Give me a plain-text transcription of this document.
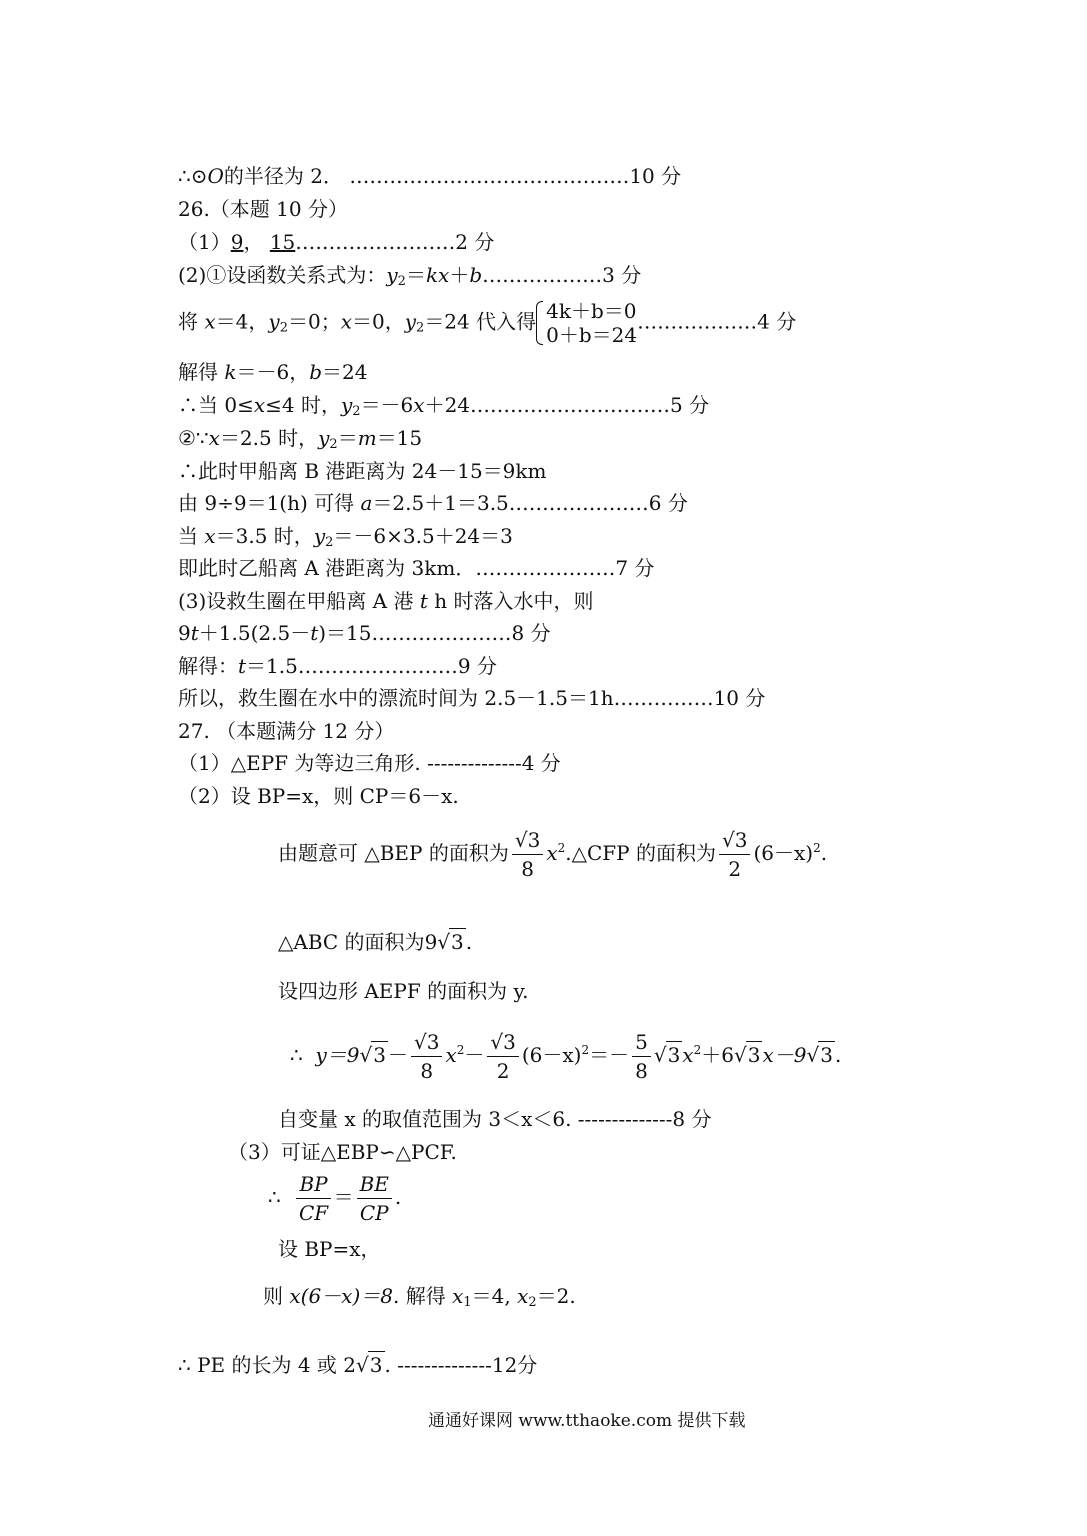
∴⊙O的半径为 2． ……………………………………10 分
26.（本题 10 分）
（1）9， 15……………………2 分
(2)①设函数关系式为：$y_2=kx+b\dots\dots\dots\dots\dots\dots 3$ 分
将 x＝4，$y_2=0$；x＝0，$y_2=24$ 代入得 4k＋b＝0
0＋b＝24
………………4 分
解得 k＝－6，b＝24
∴当 0≤x≤4 时，$y_2=-6x+24\dots\dots\dots\dots\dots\dots\dots\dots\dots\dots 5$ 分
②∵x＝2.5 时，$y_2=m=15$
∴此时甲船离 B 港距离为 24－15＝9km
由 9÷9＝1(h) 可得 a＝2.5＋1＝3.5…………………6 分
当 x＝3.5 时，$y_2=-6\times 3.5+24=3$
即此时乙船离 A 港距离为 3km．…………………7 分
(3)设救生圈在甲船离 A 港 t h 时落入水中，则
9t＋1.5(2.5－t)＝15…………………8 分
解得：t＝1.5……………………9 分
所以，救生圈在水中的漂流时间为 2.5－1.5＝1h……………10 分
27. （本题满分 12 分）
（1）△EPF 为等边三角形. --------------4 分
（2）设 BP=x，则 CP＝6－x.
由题意可 △BEP 的面积为 $\frac{√3}{8}$ $x^2.\triangle CFP$ 的面积为 $\frac{√3}{2} (6-x)^2$.
△ABC 的面积为9√3 .
设四边形 AEPF 的面积为 y.
∴ $y=9√3 - \frac{√3}{8} x^2- \frac{√3}{2} (6-x)^2=- \frac{5}{8} √3$ $x^2+6√3$ x－9√3 .
自变量 x 的取值范围为 3＜x＜6. --------------8 分
（3）可证△EBP∽△PCF.
∴ $\frac{BP}{CF} = \frac{BE}{CP}$ .
设 BP=x，
则 x(6－x)＝8. 解得 $x_1=4$, $x_2=2$.
∴ PE 的长为 4 或 2√3 . --------------12分
通通好课网 www.tthaoke.com 提供下载
